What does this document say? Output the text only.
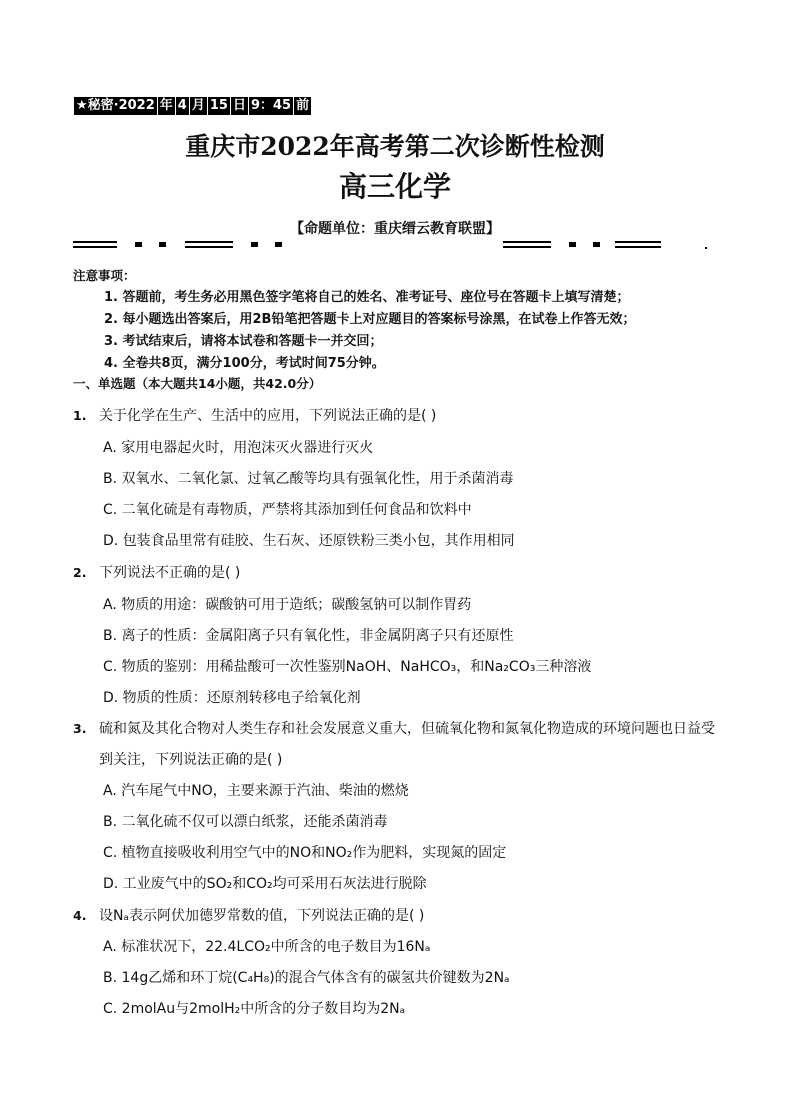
★秘密·2022 年 4 月 15 日 9：45 前
重庆市2022年高考第二次诊断性检测
高三化学
【命题单位：重庆缙云教育联盟】
注意事项：
1. 答题前，考生务必用黑色签字笔将自己的姓名、准考证号、座位号在答题卡上填写清楚；
2. 每小题选出答案后，用2B铅笔把答题卡上对应题目的答案标号涂黑，在试卷上作答无效；
3. 考试结束后，请将本试卷和答题卡一并交回；
4. 全卷共8页，满分100分，考试时间75分钟。
一、单选题（本大题共14小题，共42.0分）
1. 关于化学在生产、生活中的应用，下列说法正确的是( )
A. 家用电器起火时，用泡沫灭火器进行灭火
B. 双氧水、二氧化氯、过氧乙酸等均具有强氧化性，用于杀菌消毒
C. 二氧化硫是有毒物质，严禁将其添加到任何食品和饮料中
D. 包装食品里常有硅胶、生石灰、还原铁粉三类小包，其作用相同
2. 下列说法不正确的是( )
A. 物质的用途：碳酸钠可用于造纸；碳酸氢钠可以制作胃药
B. 离子的性质：金属阳离子只有氧化性，非金属阴离子只有还原性
C. 物质的鉴别：用稀盐酸可一次性鉴别NaOH、NaHCO₃，和Na₂CO₃三种溶液
D. 物质的性质：还原剂转移电子给氧化剂
3. 硫和氮及其化合物对人类生存和社会发展意义重大，但硫氧化物和氮氧化物造成的环境问题也日益受
到关注，下列说法正确的是( )
A. 汽车尾气中NO，主要来源于汽油、柴油的燃烧
B. 二氧化硫不仅可以漂白纸浆，还能杀菌消毒
C. 植物直接吸收利用空气中的NO和NO₂作为肥料，实现氮的固定
D. 工业废气中的SO₂和CO₂均可采用石灰法进行脱除
4. 设Nₐ表示阿伏加德罗常数的值，下列说法正确的是( )
A. 标准状况下，22.4LCO₂中所含的电子数目为16Nₐ
B. 14g乙烯和环丁烷(C₄H₈)的混合气体含有的碳氢共价键数为2Nₐ
C. 2molAu与2molH₂中所含的分子数目均为2Nₐ
